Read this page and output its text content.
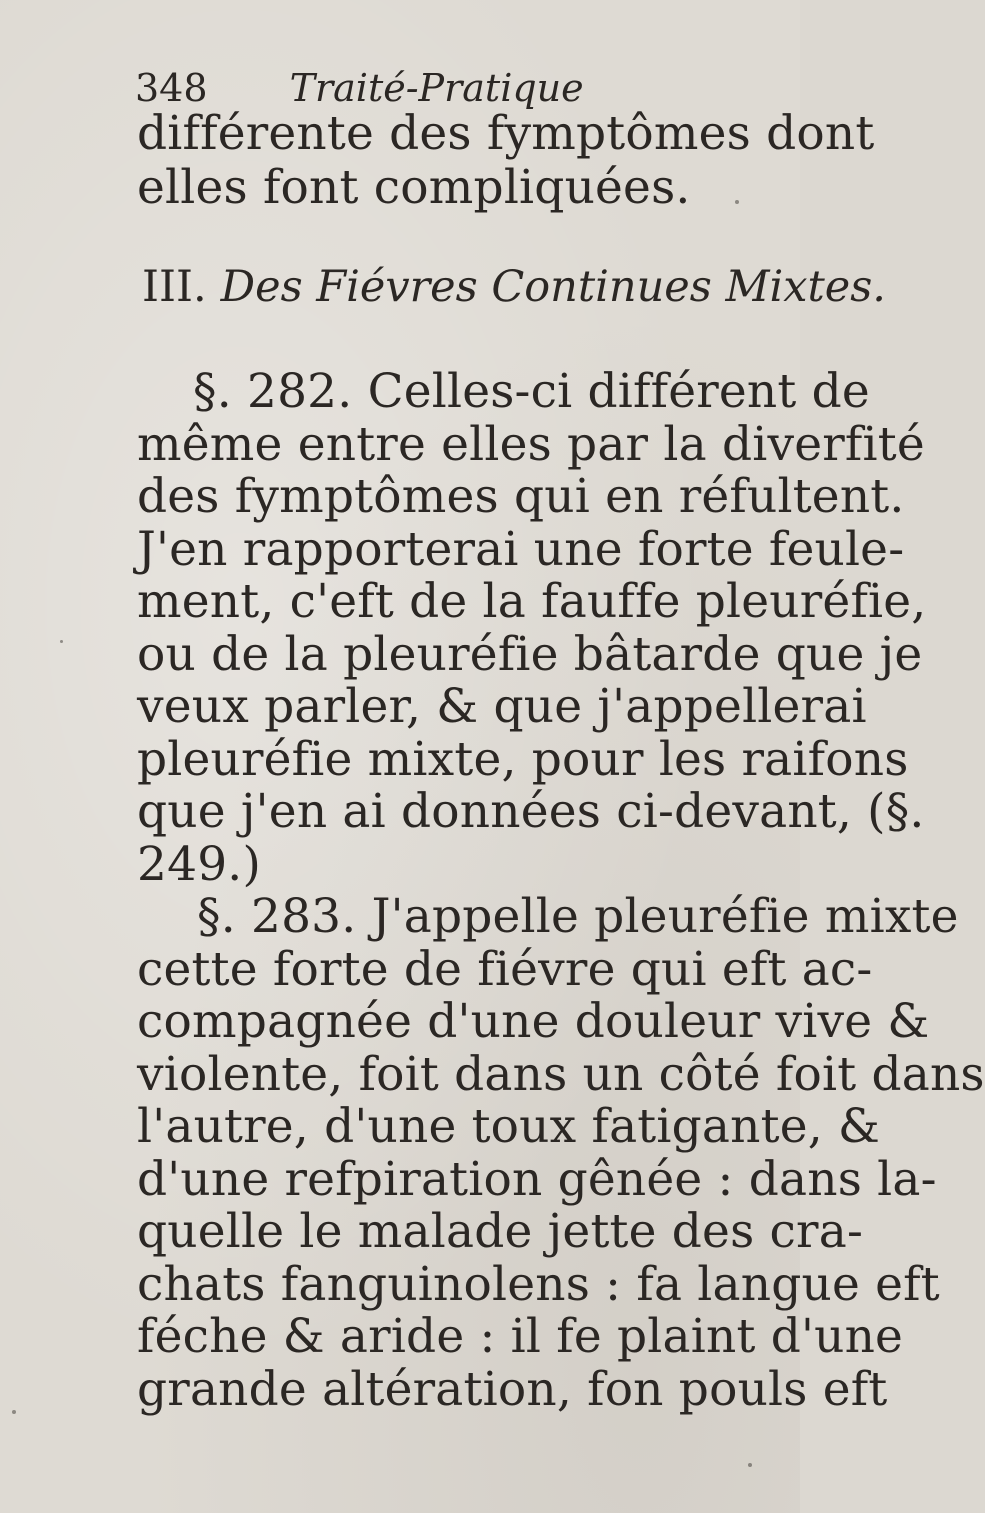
348 Traité-Pratique
différente des fymptômes dont
elles font compliquées.
III. Des Fiévres Continues Mixtes.
§. 282. Celles-ci différent de
même entre elles par la diverfité
des fymptômes qui en réfultent.
J'en rapporterai une forte feule-
ment, c'eft de la fauffe pleuréfie,
ou de la pleuréfie bâtarde que je
veux parler, & que j'appellerai
pleuréfie mixte, pour les raifons
que j'en ai données ci-devant, (§.
249.)
§. 283. J'appelle pleuréfie mixte
cette forte de fiévre qui eft ac-
compagnée d'une douleur vive &
violente, foit dans un côté foit dans
l'autre, d'une toux fatigante, &
d'une refpiration gênée : dans la-
quelle le malade jette des cra-
chats fanguinolens : fa langue eft
féche & aride : il fe plaint d'une
grande altération, fon pouls eft
